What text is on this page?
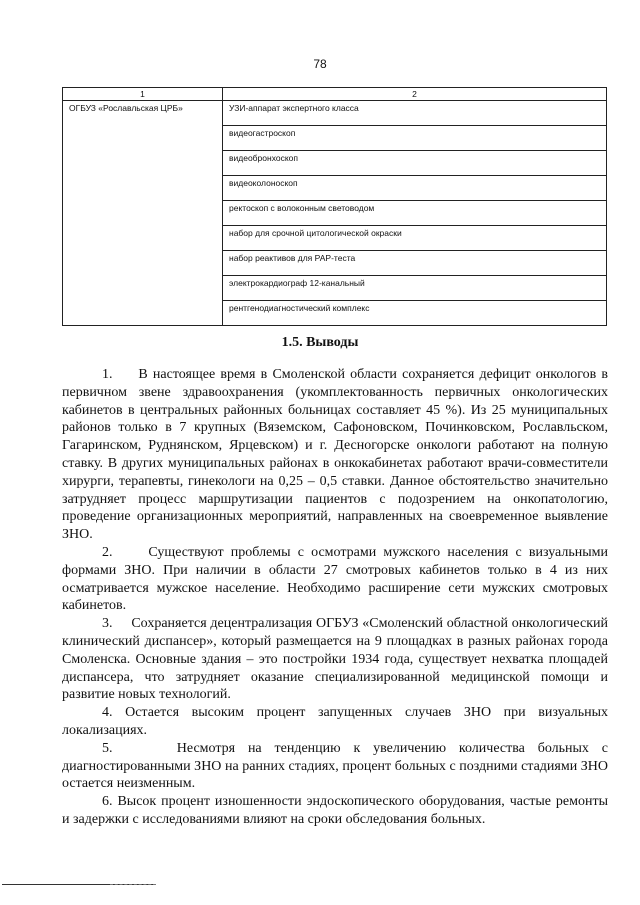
78
1	2
ОГБУЗ «Рославльская ЦРБ»	УЗИ-аппарат экспертного класса
	видеогастроскоп
	видеобронхоскоп
	видеоколоноскоп
	ректоскоп с волоконным световодом
	набор для срочной цитологической окраски
	набор реактивов для РАР-теста
	электрокардиограф 12-канальный
	рентгенодиагностический комплекс
1.5. Выводы

1.     В настоящее время в Смоленской области сохраняется дефицит онкологов в первичном звене здравоохранения (укомплектованность первичных онкологических кабинетов в центральных районных больницах составляет 45 %). Из 25 муниципальных районов только в 7 крупных (Вяземском, Сафоновском, Починковском, Рославльском, Гагаринском, Руднянском, Ярцевском) и г. Десногорске онкологи работают на полную ставку. В других муниципальных районах в онкокабинетах работают врачи-совместители хирурги, терапевты, гинекологи на 0,25 – 0,5 ставки. Данное обстоятельство значительно затрудняет процесс маршрутизации пациентов с подозрением на онкопатологию, проведение организационных мероприятий, направленных на своевременное выявление ЗНО.

2.     Существуют проблемы с осмотрами мужского населения с визуальными формами ЗНО. При наличии в области 27 смотровых кабинетов только в 4 из них осматривается мужское население. Необходимо расширение сети мужских смотровых кабинетов.

3.     Сохраняется децентрализация ОГБУЗ «Смоленский областной онкологический клинический диспансер», который размещается на 9 площадках в разных районах города Смоленска. Основные здания – это постройки 1934 года, существует нехватка площадей диспансера, что затрудняет оказание специализированной медицинской помощи и развитие новых технологий.

4. Остается высоким процент запущенных случаев ЗНО при визуальных локализациях.

5.     Несмотря на тенденцию к увеличению количества больных с диагностированными ЗНО на ранних стадиях, процент больных с поздними стадиями ЗНО остается неизменным.

6. Высок процент изношенности эндоскопического оборудования, частые ремонты и задержки с исследованиями влияют на сроки обследования больных.
